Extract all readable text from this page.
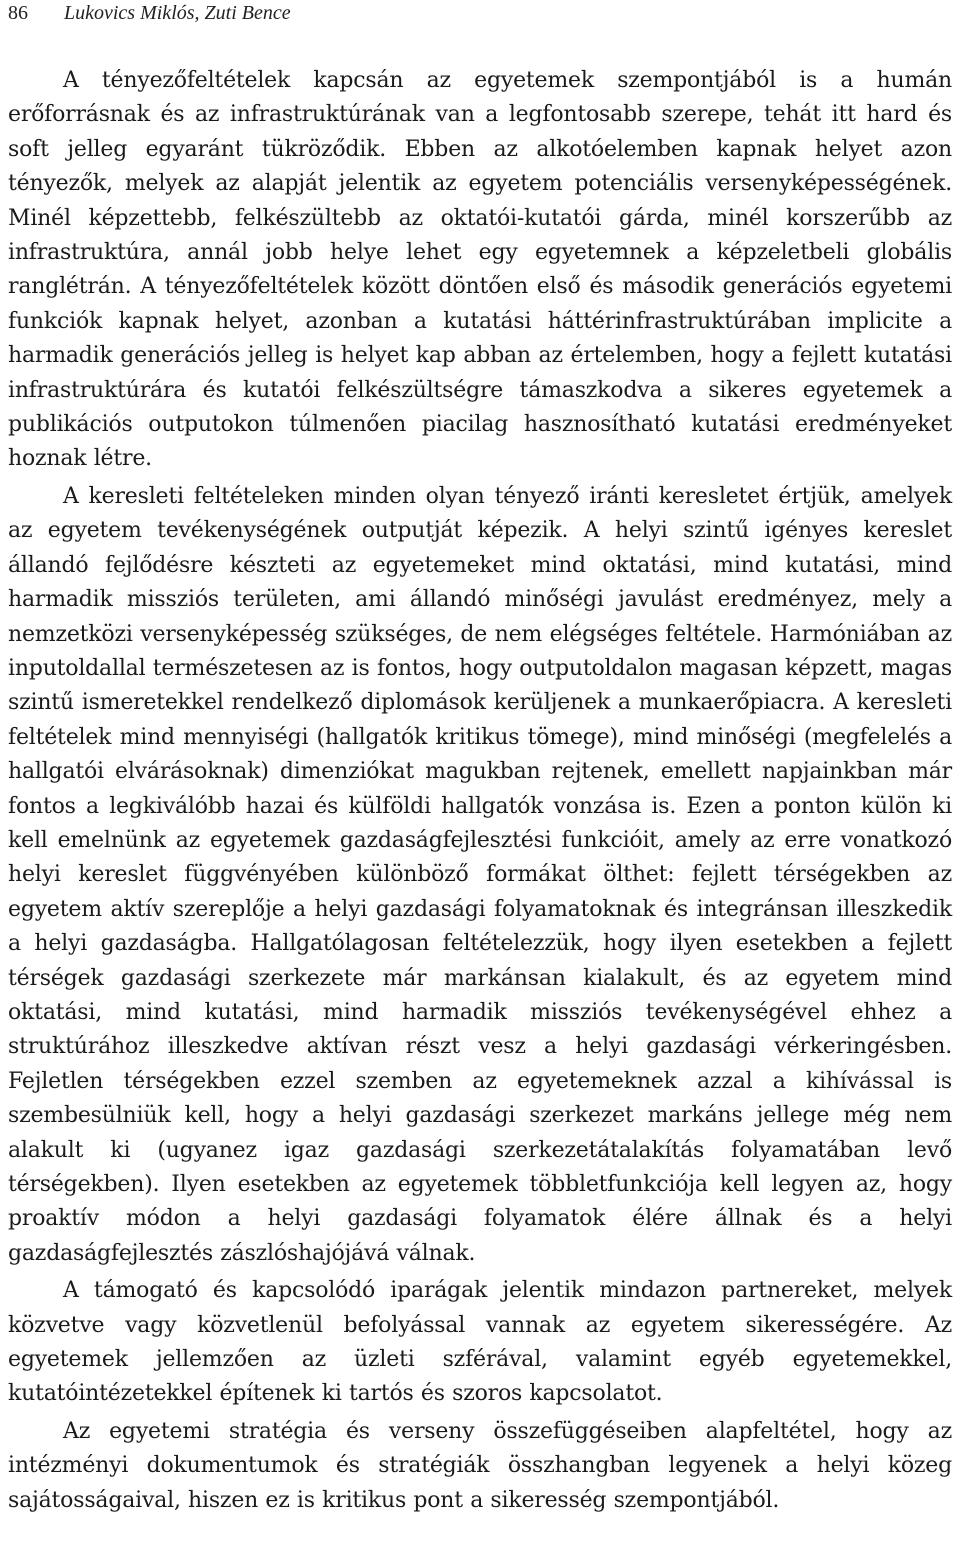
86 Lukovics Miklós, Zuti Bence

A tényezőfeltételek kapcsán az egyetemek szempontjából is a humán erőforrásnak és az infrastruktúrának van a legfontosabb szerepe, tehát itt hard és soft jelleg egyaránt tükröződik. Ebben az alkotóelemben kapnak helyet azon tényezők, melyek az alapját jelentik az egyetem potenciális versenyképességének. Minél képzettebb, felkészültebb az oktatói-kutatói gárda, minél korszerűbb az infrastruktúra, annál jobb helye lehet egy egyetemnek a képzeletbeli globális ranglétrán. A tényezőfeltételek között döntően első és második generációs egyetemi funkciók kapnak helyet, azonban a kutatási háttérinfrastruktúrában implicite a harmadik generációs jelleg is helyet kap abban az értelemben, hogy a fejlett kutatási infrastruktúrára és kutatói felkészültségre támaszkodva a sikeres egyetemek a publikációs outputokon túlmenően piacilag hasznosítható kutatási eredményeket hoznak létre.

A keresleti feltételeken minden olyan tényező iránti keresletet értjük, amelyek az egyetem tevékenységének outputját képezik. A helyi szintű igényes kereslet állandó fejlődésre készteti az egyetemeket mind oktatási, mind kutatási, mind harmadik missziós területen, ami állandó minőségi javulást eredményez, mely a nemzetközi versenyképesség szükséges, de nem elégséges feltétele. Harmóniában az inputoldallal természetesen az is fontos, hogy outputoldalon magasan képzett, magas szintű ismeretekkel rendelkező diplomások kerüljenek a munkaerőpiacra. A keresleti feltételek mind mennyiségi (hallgatók kritikus tömege), mind minőségi (megfelelés a hallgatói elvárásoknak) dimenziókat magukban rejtenek, emellett napjainkban már fontos a legkiválóbb hazai és külföldi hallgatók vonzása is. Ezen a ponton külön ki kell emelnünk az egyetemek gazdaságfejlesztési funkcióit, amely az erre vonatkozó helyi kereslet függvényében különböző formákat ölthet: fejlett térségekben az egyetem aktív szereplője a helyi gazdasági folyamatoknak és integránsan illeszkedik a helyi gazdaságba. Hallgatólagosan feltételezzük, hogy ilyen esetekben a fejlett térségek gazdasági szerkezete már markánsan kialakult, és az egyetem mind oktatási, mind kutatási, mind harmadik missziós tevékenységével ehhez a struktúrához illeszkedve aktívan részt vesz a helyi gazdasági vérkeringésben. Fejletlen térségekben ezzel szemben az egyetemeknek azzal a kihívással is szembesülniük kell, hogy a helyi gazdasági szerkezet markáns jellege még nem alakult ki (ugyanez igaz gazdasági szerkezetátalakítás folyamatában levő térségekben). Ilyen esetekben az egyetemek többletfunkciója kell legyen az, hogy proaktív módon a helyi gazdasági folyamatok élére állnak és a helyi gazdaságfejlesztés zászlóshajójává válnak.

A támogató és kapcsolódó iparágak jelentik mindazon partnereket, melyek közvetve vagy közvetlenül befolyással vannak az egyetem sikerességére. Az egyetemek jellemzően az üzleti szférával, valamint egyéb egyetemekkel, kutatóintézetekkel építenek ki tartós és szoros kapcsolatot.

Az egyetemi stratégia és verseny összefüggéseiben alapfeltétel, hogy az intézményi dokumentumok és stratégiák összhangban legyenek a helyi közeg sajátosságaival, hiszen ez is kritikus pont a sikeresség szempontjából.
